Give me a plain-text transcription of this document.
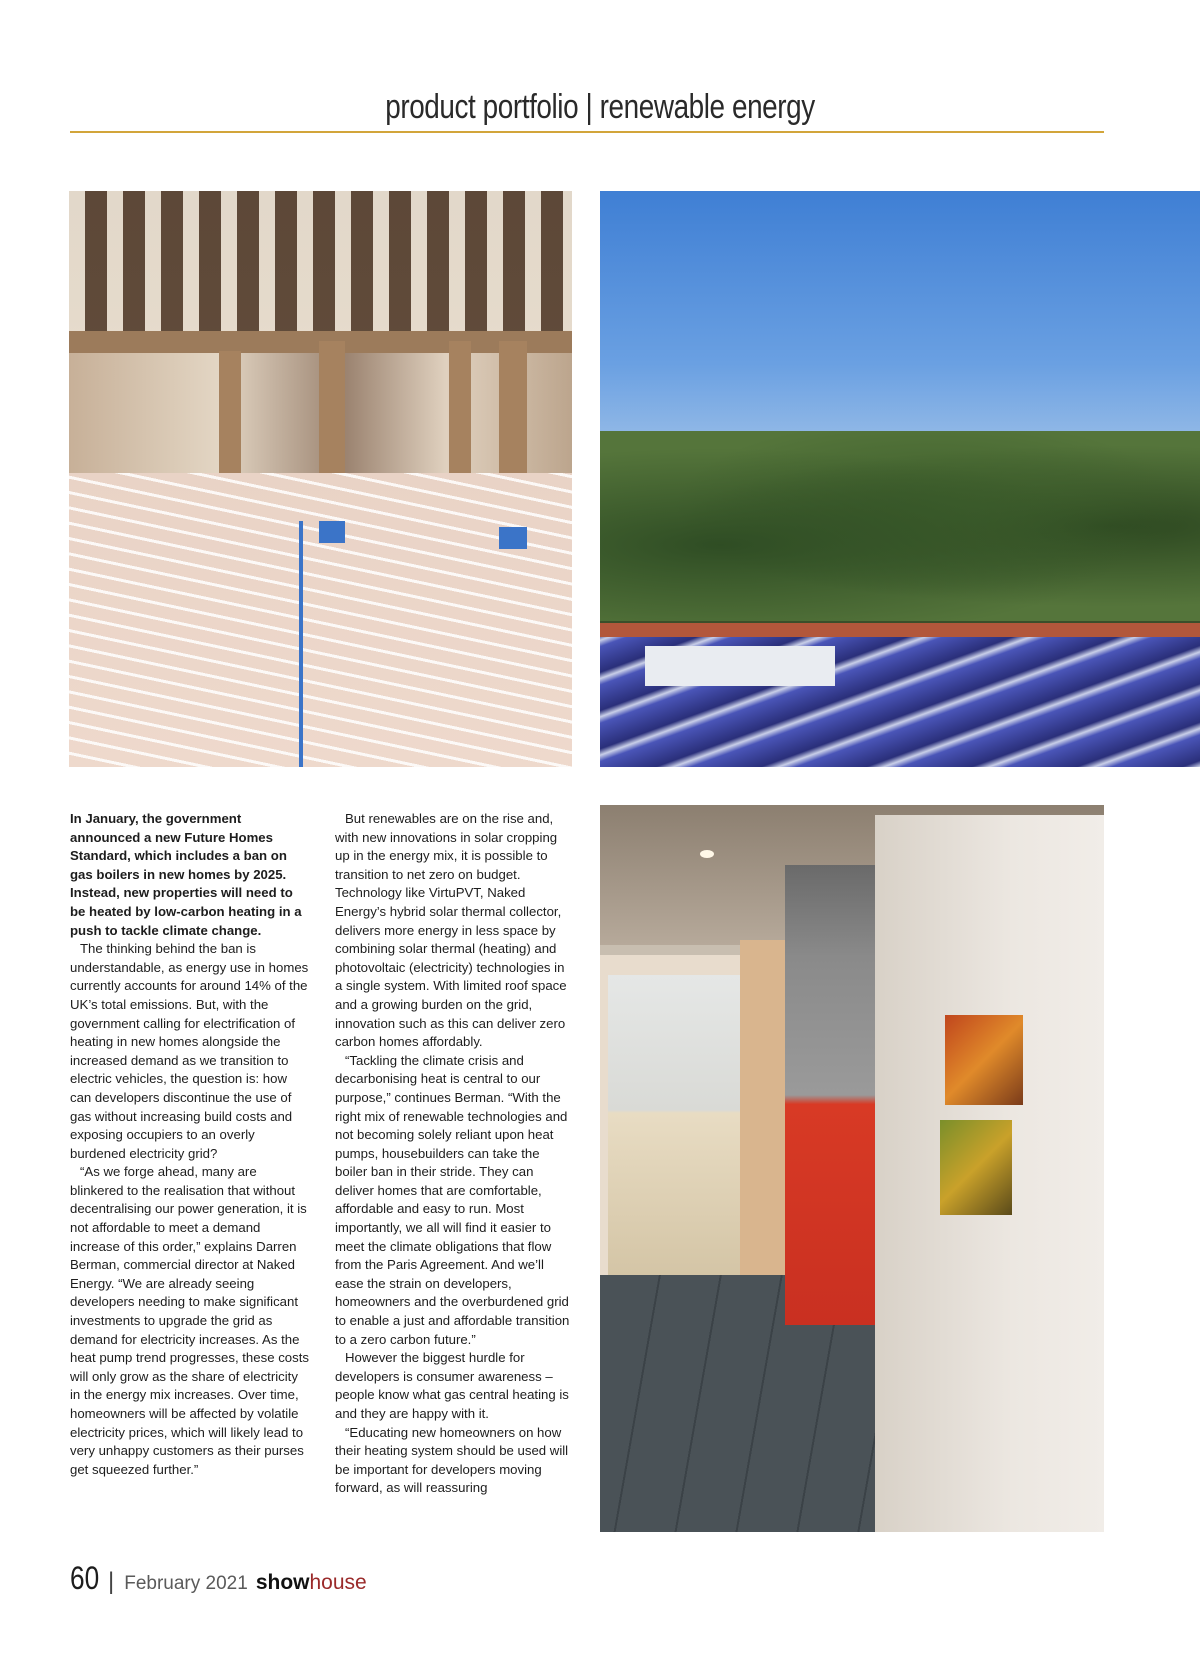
product portfolio | renewable energy

In January, the government announced a new Future Homes Standard, which includes a ban on gas boilers in new homes by 2025. Instead, new properties will need to be heated by low-carbon heating in a push to tackle climate change.

The thinking behind the ban is understandable, as energy use in homes currently accounts for around 14% of the UK’s total emissions. But, with the government calling for electrification of heating in new homes alongside the increased demand as we transition to electric vehicles, the question is: how can developers discontinue the use of gas without increasing build costs and exposing occupiers to an overly burdened electricity grid?

“As we forge ahead, many are blinkered to the realisation that without decentralising our power generation, it is not affordable to meet a demand increase of this order,” explains Darren Berman, commercial director at Naked Energy. “We are already seeing developers needing to make significant investments to upgrade the grid as demand for electricity increases. As the heat pump trend progresses, these costs will only grow as the share of electricity in the energy mix increases. Over time, homeowners will be affected by volatile electricity prices, which will likely lead to very unhappy customers as their purses get squeezed further.”

But renewables are on the rise and, with new innovations in solar cropping up in the energy mix, it is possible to transition to net zero on budget. Technology like VirtuPVT, Naked Energy’s hybrid solar thermal collector, delivers more energy in less space by combining solar thermal (heating) and photovoltaic (electricity) technologies in a single system. With limited roof space and a growing burden on the grid, innovation such as this can deliver zero carbon homes affordably.

“Tackling the climate crisis and decarbonising heat is central to our purpose,” continues Berman. “With the right mix of renewable technologies and not becoming solely reliant upon heat pumps, housebuilders can take the boiler ban in their stride. They can deliver homes that are comfortable, affordable and easy to run. Most importantly, we all will find it easier to meet the climate obligations that flow from the Paris Agreement. And we’ll ease the strain on developers, homeowners and the overburdened grid to enable a just and affordable transition to a zero carbon future.”

However the biggest hurdle for developers is consumer awareness – people know what gas central heating is and they are happy with it.

“Educating new homeowners on how their heating system should be used will be important for developers moving forward, as will reassuring

60 | February 2021 show house
